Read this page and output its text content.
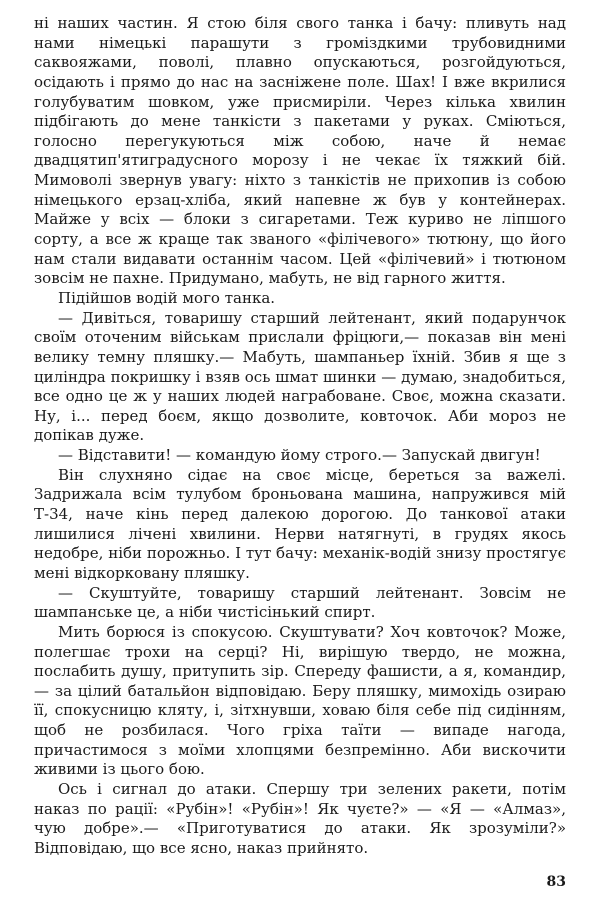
ні наших частин. Я стою біля свого танка і бачу: пливуть над нами німецькі парашути з громіздкими трубовидними саквояжами, поволі, плавно опускаються, розгойдуються, осідають і прямо до нас на засніжене поле. Шах! І вже вкрилися голубуватим шовком, уже присмиріли. Через кілька хвилин підбігають до мене танкісти з пакетами у руках. Сміються, голосно перегукуються між собою, наче й немає двадцятип'ятиградусного морозу і не чекає їх тяжкий бій. Мимоволі звернув увагу: ніхто з танкістів не прихопив із собою німецького ерзац-хліба, який напевне ж був у контейнерах. Майже у всіх — блоки з сигаретами. Теж куриво не ліпшого сорту, а все ж краще так званого «філічевого» тютюну, що його нам стали видавати останнім часом. Цей «філічевий» і тютюном зовсім не пахне. Придумано, мабуть, не від гарного життя.

Підійшов водій мого танка.

— Дивіться, товаришу старший лейтенант, який подарунчок своїм оточеним військам прислали фріцюги,— показав він мені велику темну пляшку.— Мабуть, шампаньер їхній. Збив я ще з циліндра покришку і взяв ось шмат шинки — думаю, знадобиться, все одно це ж у наших людей награбоване. Своє, можна сказати. Ну, і... перед боєм, якщо дозволите, ковточок. Аби мороз не допікав дуже.

— Відставити! — командую йому строго.— Запускай двигун!

Він слухняно сідає на своє місце, береться за важелі. Задрижала всім тулубом броньована машина, напружився мій Т-34, наче кінь перед далекою дорогою. До танкової атаки лишилися лічені хвилини. Нерви натягнуті, в грудях якось недобре, ніби порожньо. І тут бачу: механік-водій знизу простягує мені відкорковану пляшку.

— Скуштуйте, товаришу старший лейтенант. Зовсім не шампанське це, а ніби чистісінький спирт.

Мить борюся із спокусою. Скуштувати? Хоч ковточок? Може, полегшає трохи на серці? Ні, вирішую твердо, не можна, послабить душу, притупить зір. Спереду фашисти, а я, командир,— за цілий батальйон відповідаю. Беру пляшку, мимохідь озираю її, спокусницю кляту, і, зітхнувши, ховаю біля себе під сидінням, щоб не розбилася. Чого гріха таїти — випаде нагода, причастимося з моїми хлопцями безпремінно. Аби вискочити живими із цього бою.

Ось і сигнал до атаки. Спершу три зелених ракети, потім наказ по рації: «Рубін»! «Рубін»! Як чуєте?» — «Я — «Алмаз», чую добре».— «Приготуватися до атаки. Як зрозуміли?» Відповідаю, що все ясно, наказ прийнято.

83
